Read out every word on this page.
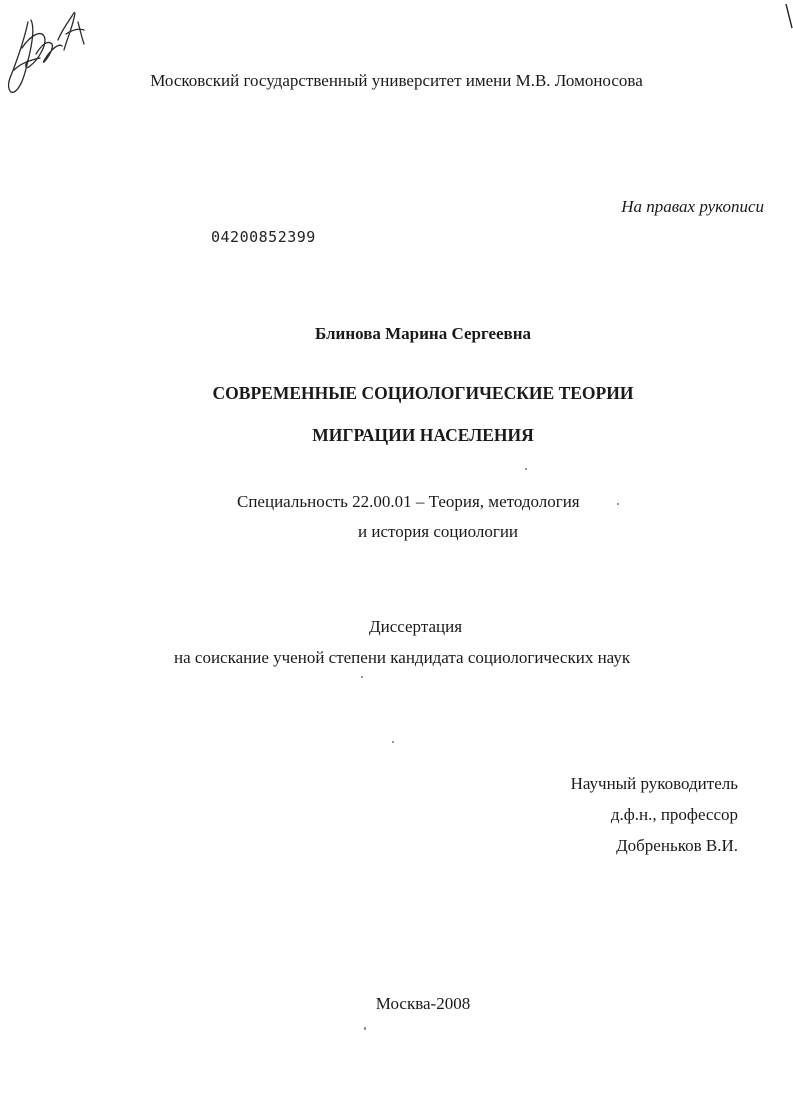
Московский государственный университет имени М.В. Ломоносова
На правах рукописи
04200852399
Блинова Марина Сергеевна
СОВРЕМЕННЫЕ СОЦИОЛОГИЧЕСКИЕ ТЕОРИИ
МИГРАЦИИ НАСЕЛЕНИЯ
Специальность 22.00.01 – Теория, методология
и история социологии
Диссертация
на соискание ученой степени кандидата социологических наук
Научный руководитель
д.ф.н., профессор
Добреньков В.И.
Москва-2008
